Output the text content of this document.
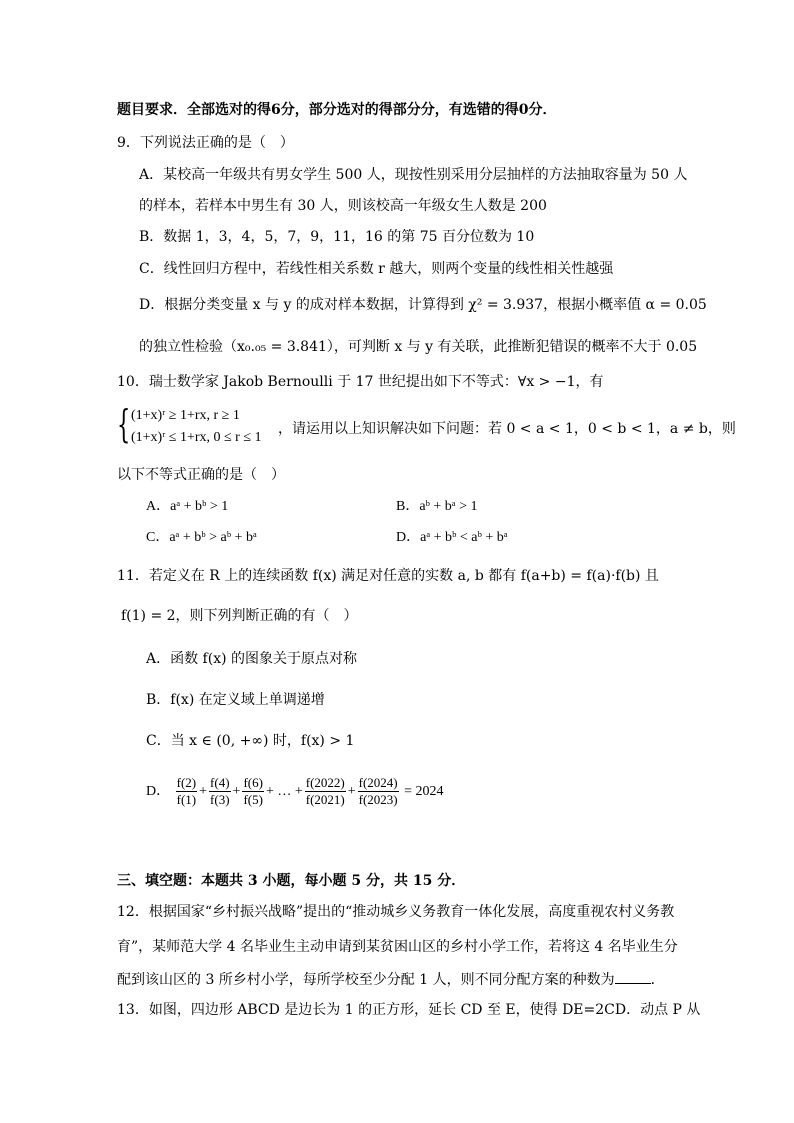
题目要求．全部选对的得6分，部分选对的得部分分，有选错的得0分．
9．下列说法正确的是（　）
A．某校高一年级共有男女学生 500 人，现按性别采用分层抽样的方法抽取容量为 50 人
的样本，若样本中男生有 30 人，则该校高一年级女生人数是 200
B．数据 1，3，4，5，7，9，11，16 的第 75 百分位数为 10
C．线性回归方程中，若线性相关系数 r 越大，则两个变量的线性相关性越强
D．根据分类变量 x 与 y 的成对样本数据，计算得到 χ² = 3.937，根据小概率值 α = 0.05
的独立性检验（x₀.₀₅ = 3.841），可判断 x 与 y 有关联，此推断犯错误的概率不大于 0.05
10．瑞士数学家 Jakob Bernoulli 于 17 世纪提出如下不等式：∀x > −1，有
{ (1+x)ʳ ≥ 1+rx, r ≥ 1
(1+x)ʳ ≤ 1+rx, 0 ≤ r ≤ 1
，请运用以上知识解决如下问题：若 0 < a < 1，0 < b < 1，a ≠ b，则
以下不等式正确的是（　）
A．aᵃ + bᵇ > 1	B．aᵇ + bᵃ > 1
C．aᵃ + bᵇ > aᵇ + bᵃ	D．aᵃ + bᵇ < aᵇ + bᵃ
11．若定义在 R 上的连续函数 f(x) 满足对任意的实数 a, b 都有 f(a+b) = f(a)·f(b) 且
f(1) = 2，则下列判断正确的有（　）
A．函数 f(x) 的图象关于原点对称
B．f(x) 在定义域上单调递增
C．当 x ∈ (0, +∞) 时，f(x) > 1
D． $\frac{f(2)}{f(1)} + \frac{f(4)}{f(3)} + \frac{f(6)}{f(5)}$ + … + $\frac{f(2022)}{f(2021)} + \frac{f(2024)}{f(2023)} = 2024$
三、填空题：本题共 3 小题，每小题 5 分，共 15 分．
12．根据国家“乡村振兴战略”提出的“推动城乡义务教育一体化发展，高度重视农村义务教
育”，某师范大学 4 名毕业生主动申请到某贫困山区的乡村小学工作，若将这 4 名毕业生分
配到该山区的 3 所乡村小学，每所学校至少分配 1 人，则不同分配方案的种数为	．
13．如图，四边形 ABCD 是边长为 1 的正方形，延长 CD 至 E，使得 DE=2CD．动点 P 从
